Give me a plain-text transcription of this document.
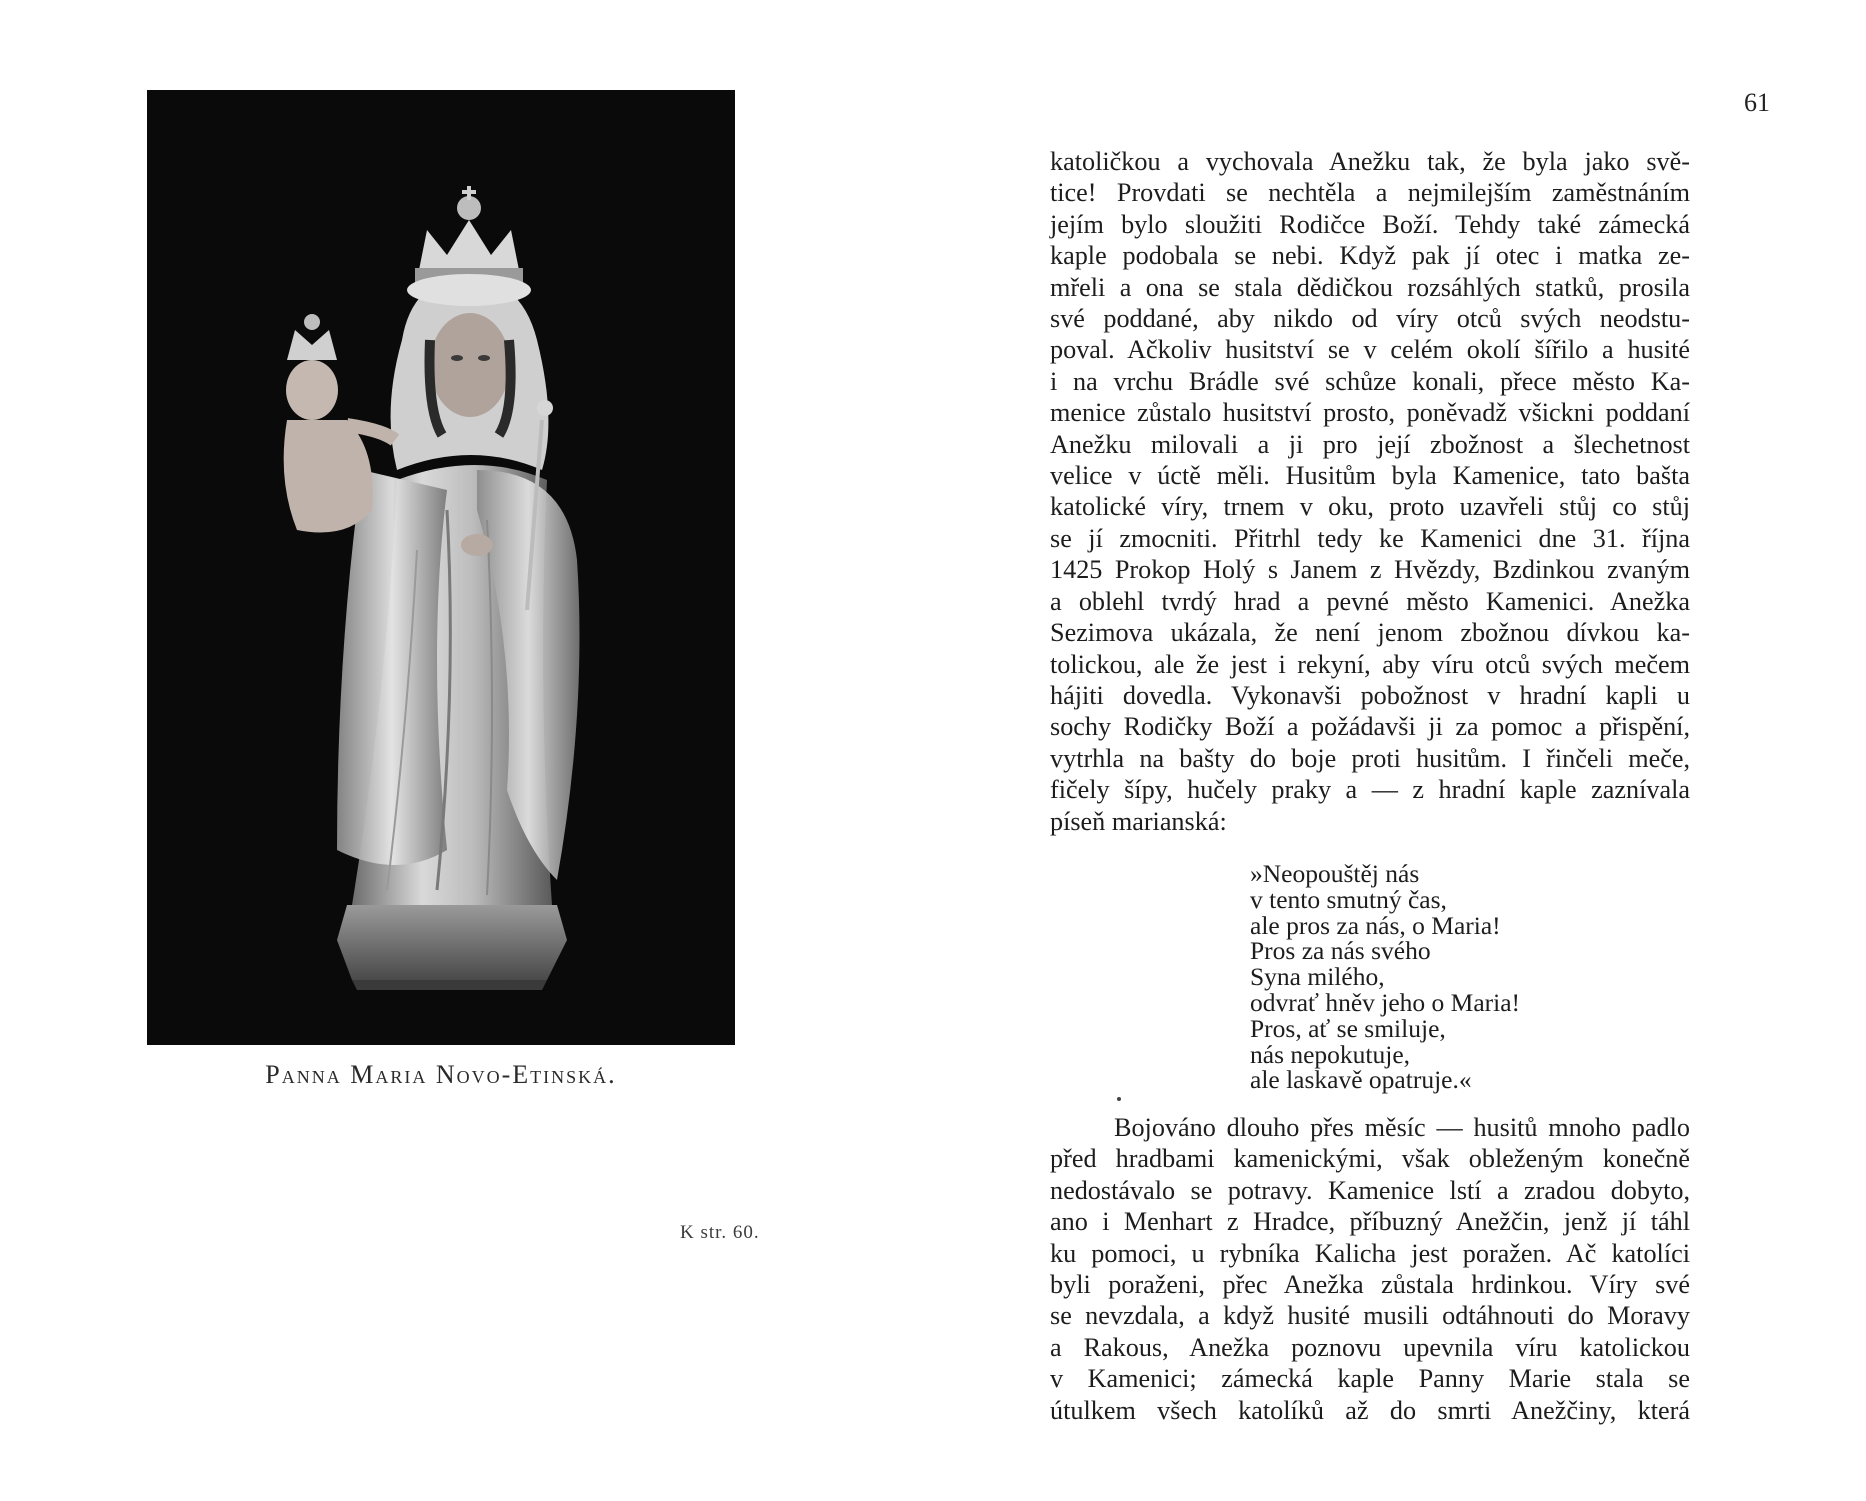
Panna Maria Novo-Etinská.
K str. 60.
61
katoličkou a vychovala Anežku tak, že byla jako svě-
tice! Provdati se nechtěla a nejmilejším zaměstnáním
jejím bylo sloužiti Rodičce Boží. Tehdy také zámecká
kaple podobala se nebi. Když pak jí otec i matka ze-
mřeli a ona se stala dědičkou rozsáhlých statků, prosila
své poddané, aby nikdo od víry otců svých neodstu-
poval. Ačkoliv husitství se v celém okolí šířilo a husité
i na vrchu Brádle své schůze konali, přece město Ka-
menice zůstalo husitství prosto, poněvadž všickni poddaní
Anežku milovali a ji pro její zbožnost a šlechetnost
velice v úctě měli. Husitům byla Kamenice, tato bašta
katolické víry, trnem v oku, proto uzavřeli stůj co stůj
se jí zmocniti. Přitrhl tedy ke Kamenici dne 31. října
1425 Prokop Holý s Janem z Hvězdy, Bzdinkou zvaným
a oblehl tvrdý hrad a pevné město Kamenici. Anežka
Sezimova ukázala, že není jenom zbožnou dívkou ka-
tolickou, ale že jest i rekyní, aby víru otců svých mečem
hájiti dovedla. Vykonavši pobožnost v hradní kapli u
sochy Rodičky Boží a požádavši ji za pomoc a přispění,
vytrhla na bašty do boje proti husitům. I řinčeli meče,
fičely šípy, hučely praky a — z hradní kaple zaznívala
píseň marianská:
»Neopouštěj nás
v tento smutný čas,
ale pros za nás, o Maria!
Pros za nás svého
Syna milého,
odvrať hněv jeho o Maria!
Pros, ať se smiluje,
nás nepokutuje,
ale laskavě opatruje.«
Bojováno dlouho přes měsíc — husitů mnoho padlo
před hradbami kamenickými, však obleženým konečně
nedostávalo se potravy. Kamenice lstí a zradou dobyto,
ano i Menhart z Hradce, příbuzný Anežčin, jenž jí táhl
ku pomoci, u rybníka Kalicha jest poražen. Ač katolíci
byli poraženi, přec Anežka zůstala hrdinkou. Víry své
se nevzdala, a když husité musili odtáhnouti do Moravy
a Rakous, Anežka poznovu upevnila víru katolickou
v Kamenici; zámecká kaple Panny Marie stala se
útulkem všech katolíků až do smrti Anežčiny, která
